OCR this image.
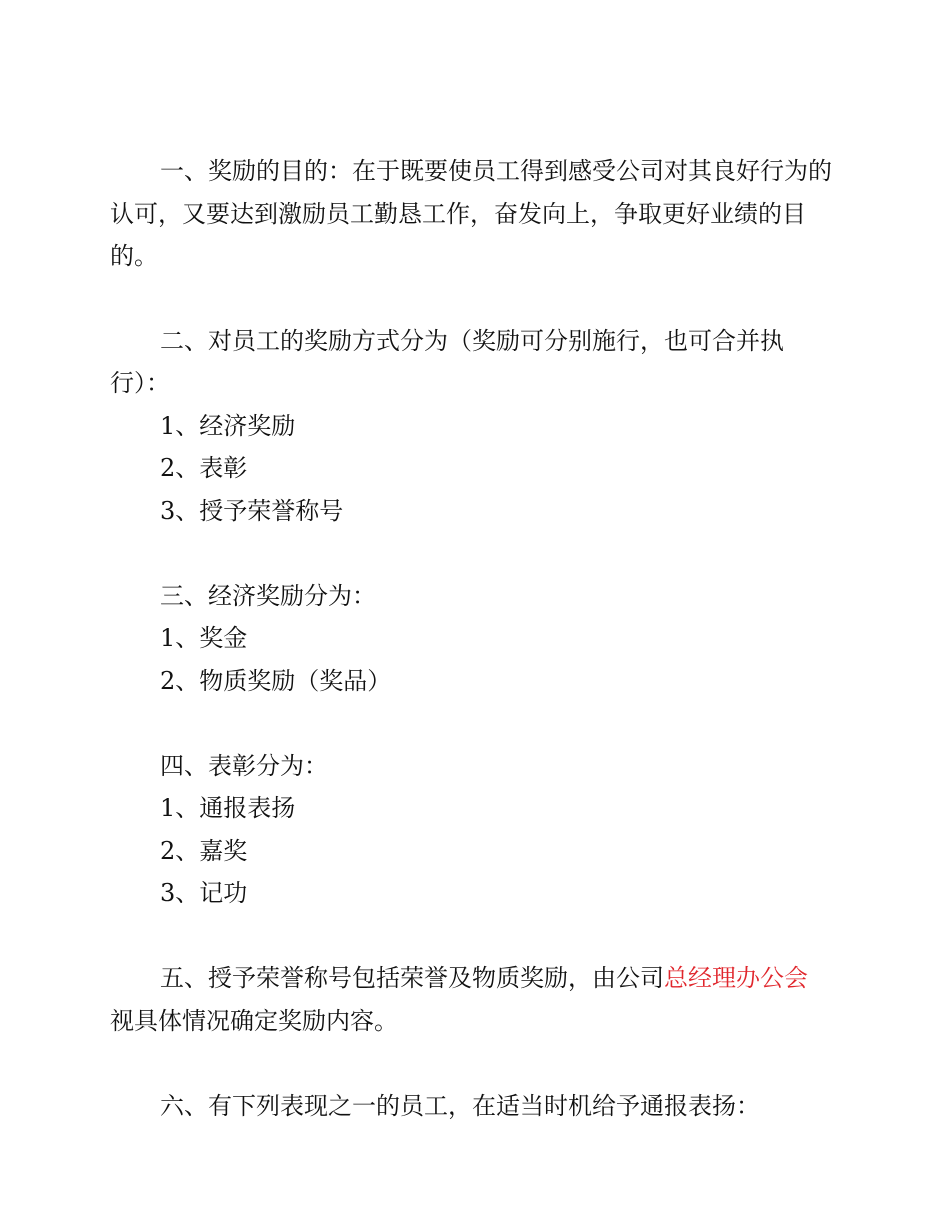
一、奖励的目的：在于既要使员工得到感受公司对其良好行为的
认可，又要达到激励员工勤恳工作，奋发向上，争取更好业绩的目
的。
二、对员工的奖励方式分为（奖励可分别施行，也可合并执
行）：
1、经济奖励
2、表彰
3、授予荣誉称号
三、经济奖励分为：
1、奖金
2、物质奖励（奖品）
四、表彰分为：
1、通报表扬
2、嘉奖
3、记功
五、授予荣誉称号包括荣誉及物质奖励，由公司总经理办公会
视具体情况确定奖励内容。
六、有下列表现之一的员工，在适当时机给予通报表扬：
